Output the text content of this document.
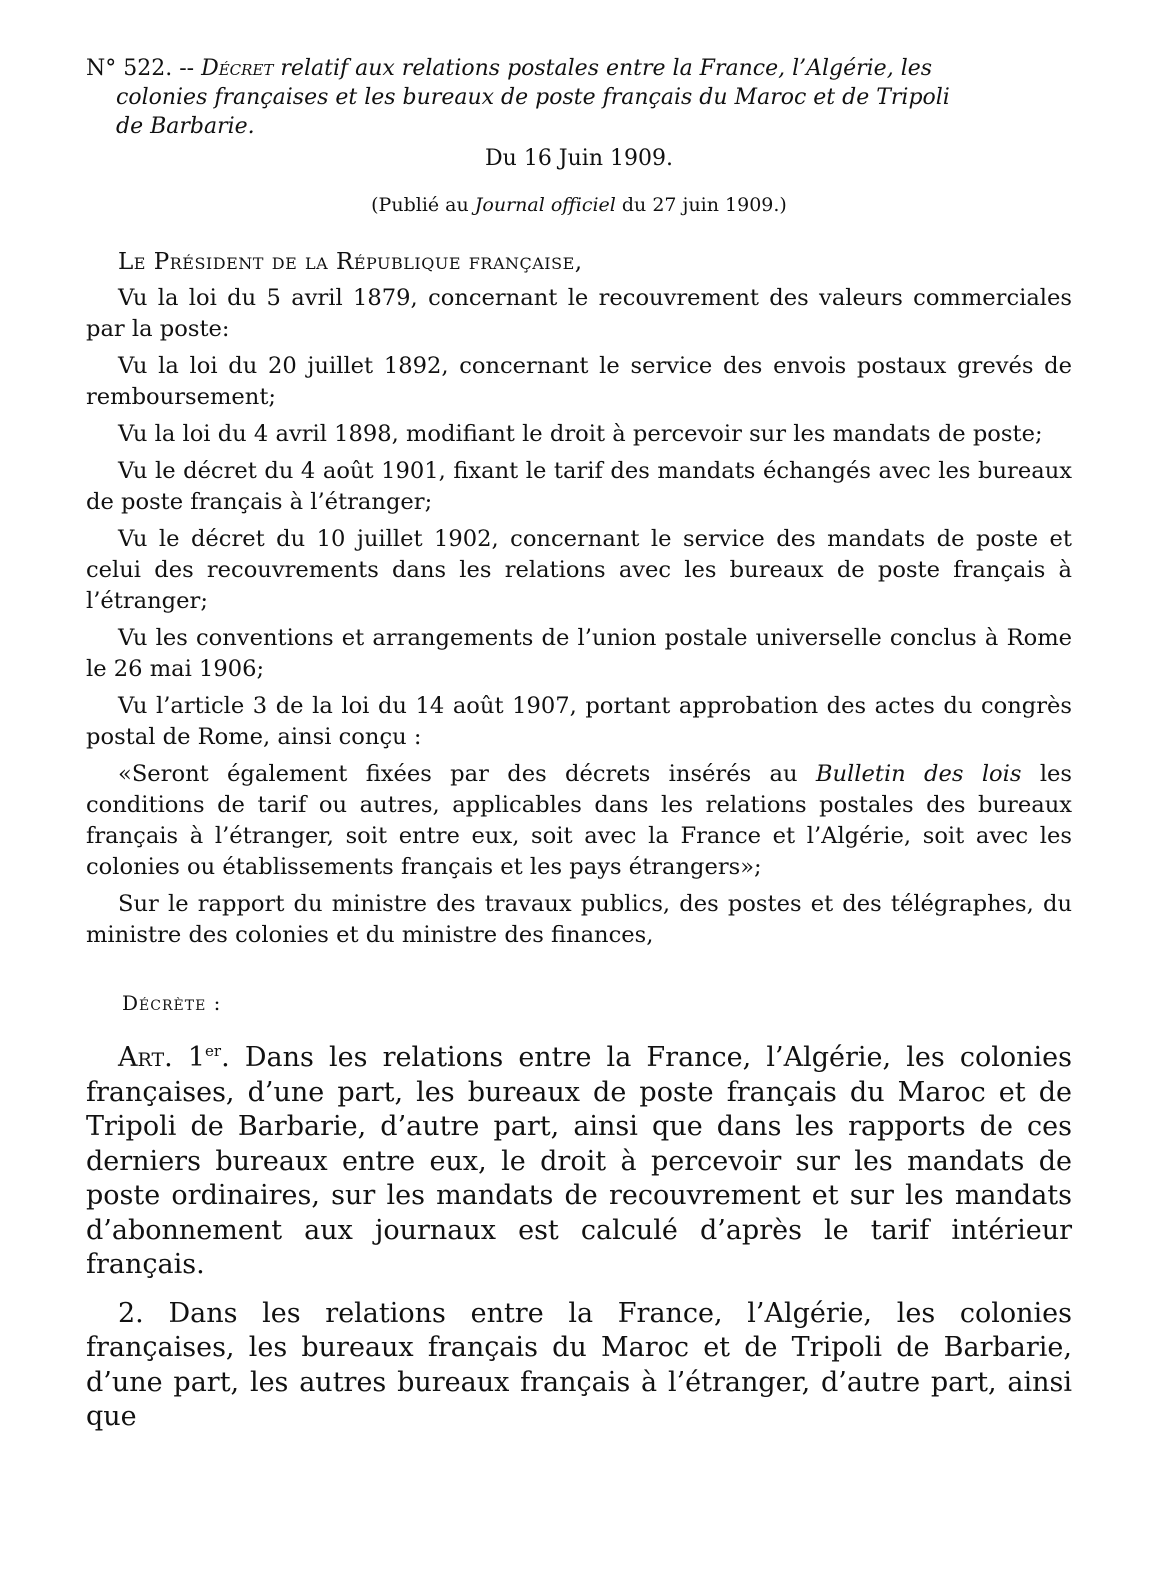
N° 522. -- Décret relatif aux relations postales entre la France, l’Algérie, les
colonies françaises et les bureaux de poste français du Maroc et de Tripoli
de Barbarie.

Du 16 Juin 1909.

(Publié au Journal officiel du 27 juin 1909.)

Le Président de la République française,

Vu la loi du 5 avril 1879, concernant le recouvrement des valeurs commerciales par la poste:

Vu la loi du 20 juillet 1892, concernant le service des envois postaux grevés de remboursement;

Vu la loi du 4 avril 1898, modifiant le droit à percevoir sur les mandats de poste;

Vu le décret du 4 août 1901, fixant le tarif des mandats échangés avec les bureaux de poste français à l’étranger;

Vu le décret du 10 juillet 1902, concernant le service des mandats de poste et celui des recouvrements dans les relations avec les bureaux de poste français à l’étranger;

Vu les conventions et arrangements de l’union postale universelle conclus à Rome le 26 mai 1906;

Vu l’article 3 de la loi du 14 août 1907, portant approbation des actes du congrès postal de Rome, ainsi conçu :

«Seront également fixées par des décrets insérés au Bulletin des lois les conditions de tarif ou autres, applicables dans les relations postales des bureaux français à l’étranger, soit entre eux, soit avec la France et l’Algérie, soit avec les colonies ou établissements français et les pays étrangers»;

Sur le rapport du ministre des travaux publics, des postes et des télégraphes, du ministre des colonies et du ministre des finances,

Décrète :

Art. 1er. Dans les relations entre la France, l’Algérie, les colonies françaises, d’une part, les bureaux de poste français du Maroc et de Tripoli de Barbarie, d’autre part, ainsi que dans les rapports de ces derniers bureaux entre eux, le droit à percevoir sur les mandats de poste ordinaires, sur les mandats de recouvrement et sur les mandats d’abonnement aux journaux est calculé d’après le tarif intérieur français.

2. Dans les relations entre la France, l’Algérie, les colonies françaises, les bureaux français du Maroc et de Tripoli de Barbarie, d’une part, les autres bureaux français à l’étranger, d’autre part, ainsi que
